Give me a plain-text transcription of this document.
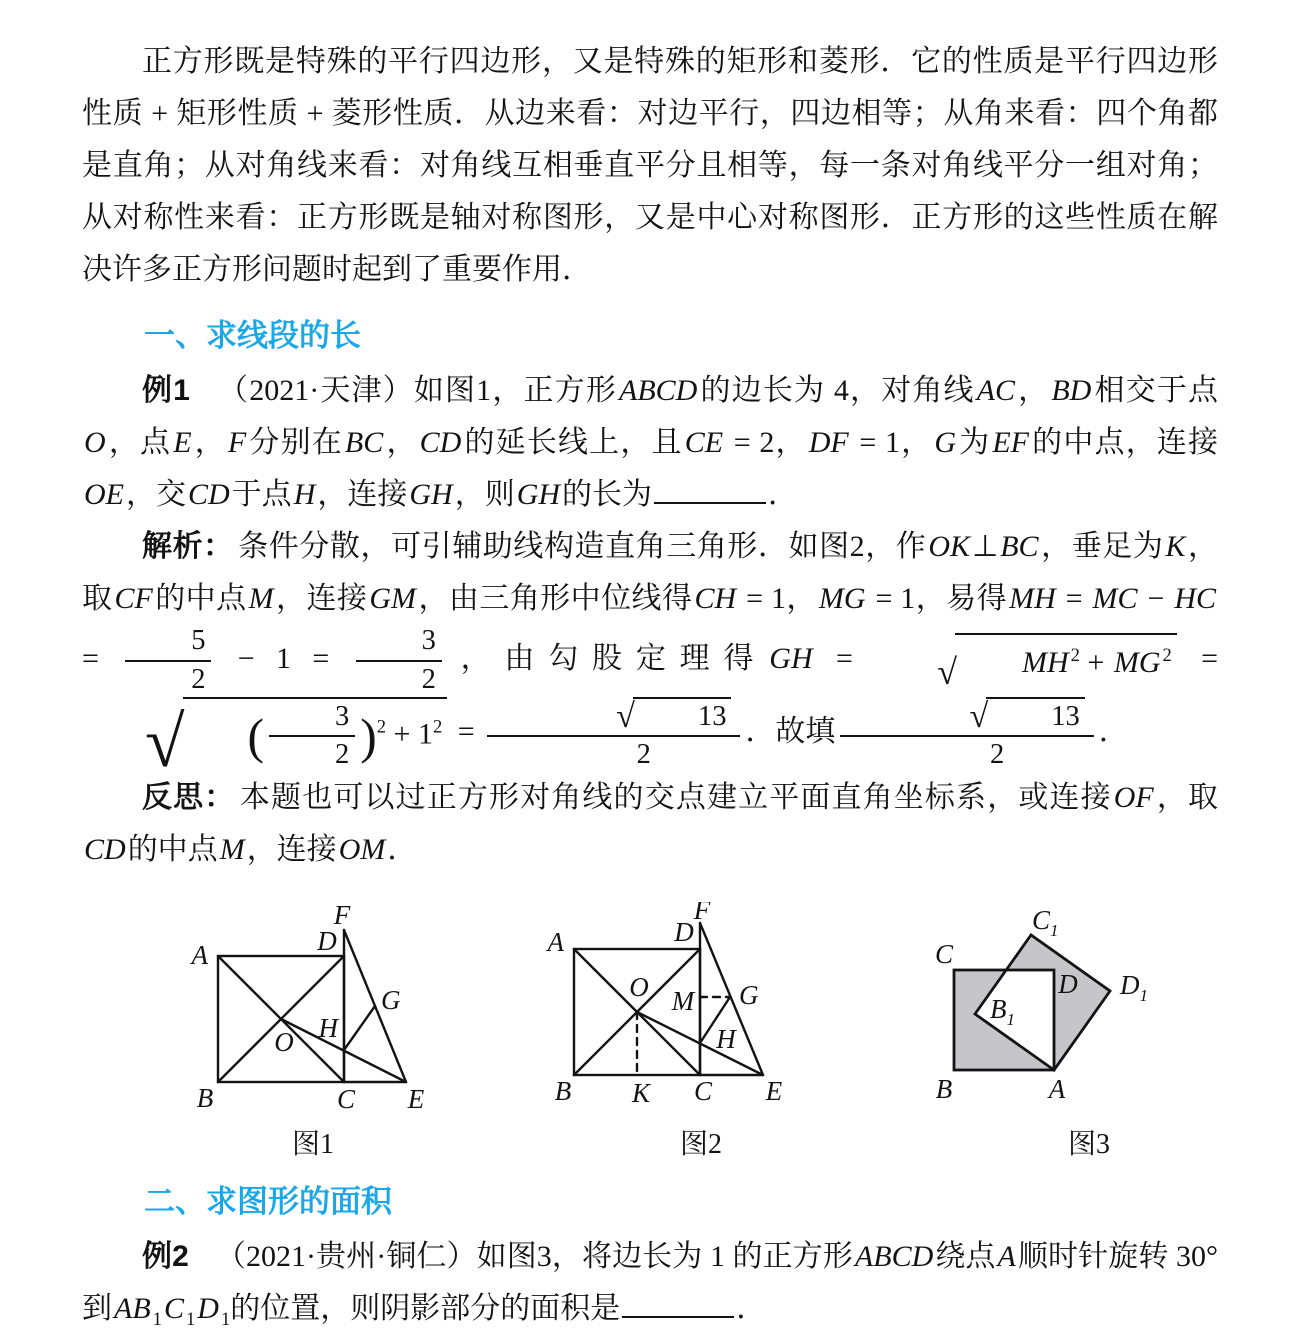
正方形既是特殊的平行四边形，又是特殊的矩形和菱形．它的性质是平行四边形性质 + 矩形性质 + 菱形性质．从边来看：对边平行，四边相等；从角来看：四个角都是直角；从对角线来看：对角线互相垂直平分且相等，每一条对角线平分一组对角；从对称性来看：正方形既是轴对称图形，又是中心对称图形．正方形的这些性质在解决许多正方形问题时起到了重要作用．

一、求线段的长

例1 （2021·天津）如图1，正方形ABCD的边长为 4，对角线AC，BD相交于点O，点E，F分别在BC，CD的延长线上，且CE = 2，DF = 1，G为EF的中点，连接OE，交CD于点H，连接GH，则GH的长为	．

解析： 条件分散，可引辅助线构造直角三角形．如图2，作OK⊥BC，垂足为K，取CF的中点M，连接GM，由三角形中位线得CH = 1，MG = 1，易得MH = MC − HC = $\frac{5}{2} - 1 = \frac{3}{2}$ ，由勾股定理得GH =	√	MH $^2$ + MG $^2$ =
√	( $\frac{3}{2} )^2 + 1^2$ = √	13
2 ．故填 √	13
2 ．

反思： 本题也可以过正方形对角线的交点建立平面直角坐标系，或连接OF，取CD的中点M，连接OM．

F
D
A
B	C E
O H
G
图1
A	D
F
B K C E
O M G
H
图2
C
$C_1$
D $D_1$
$B_1$
B	A
图3
二、求图形的面积

例2 （2021·贵州·铜仁）如图3，将边长为 1 的正方形ABCD绕点A顺时针旋转 30°到AB $_1$C $_1$D $_1$的位置，则阴影部分的面积是	．
